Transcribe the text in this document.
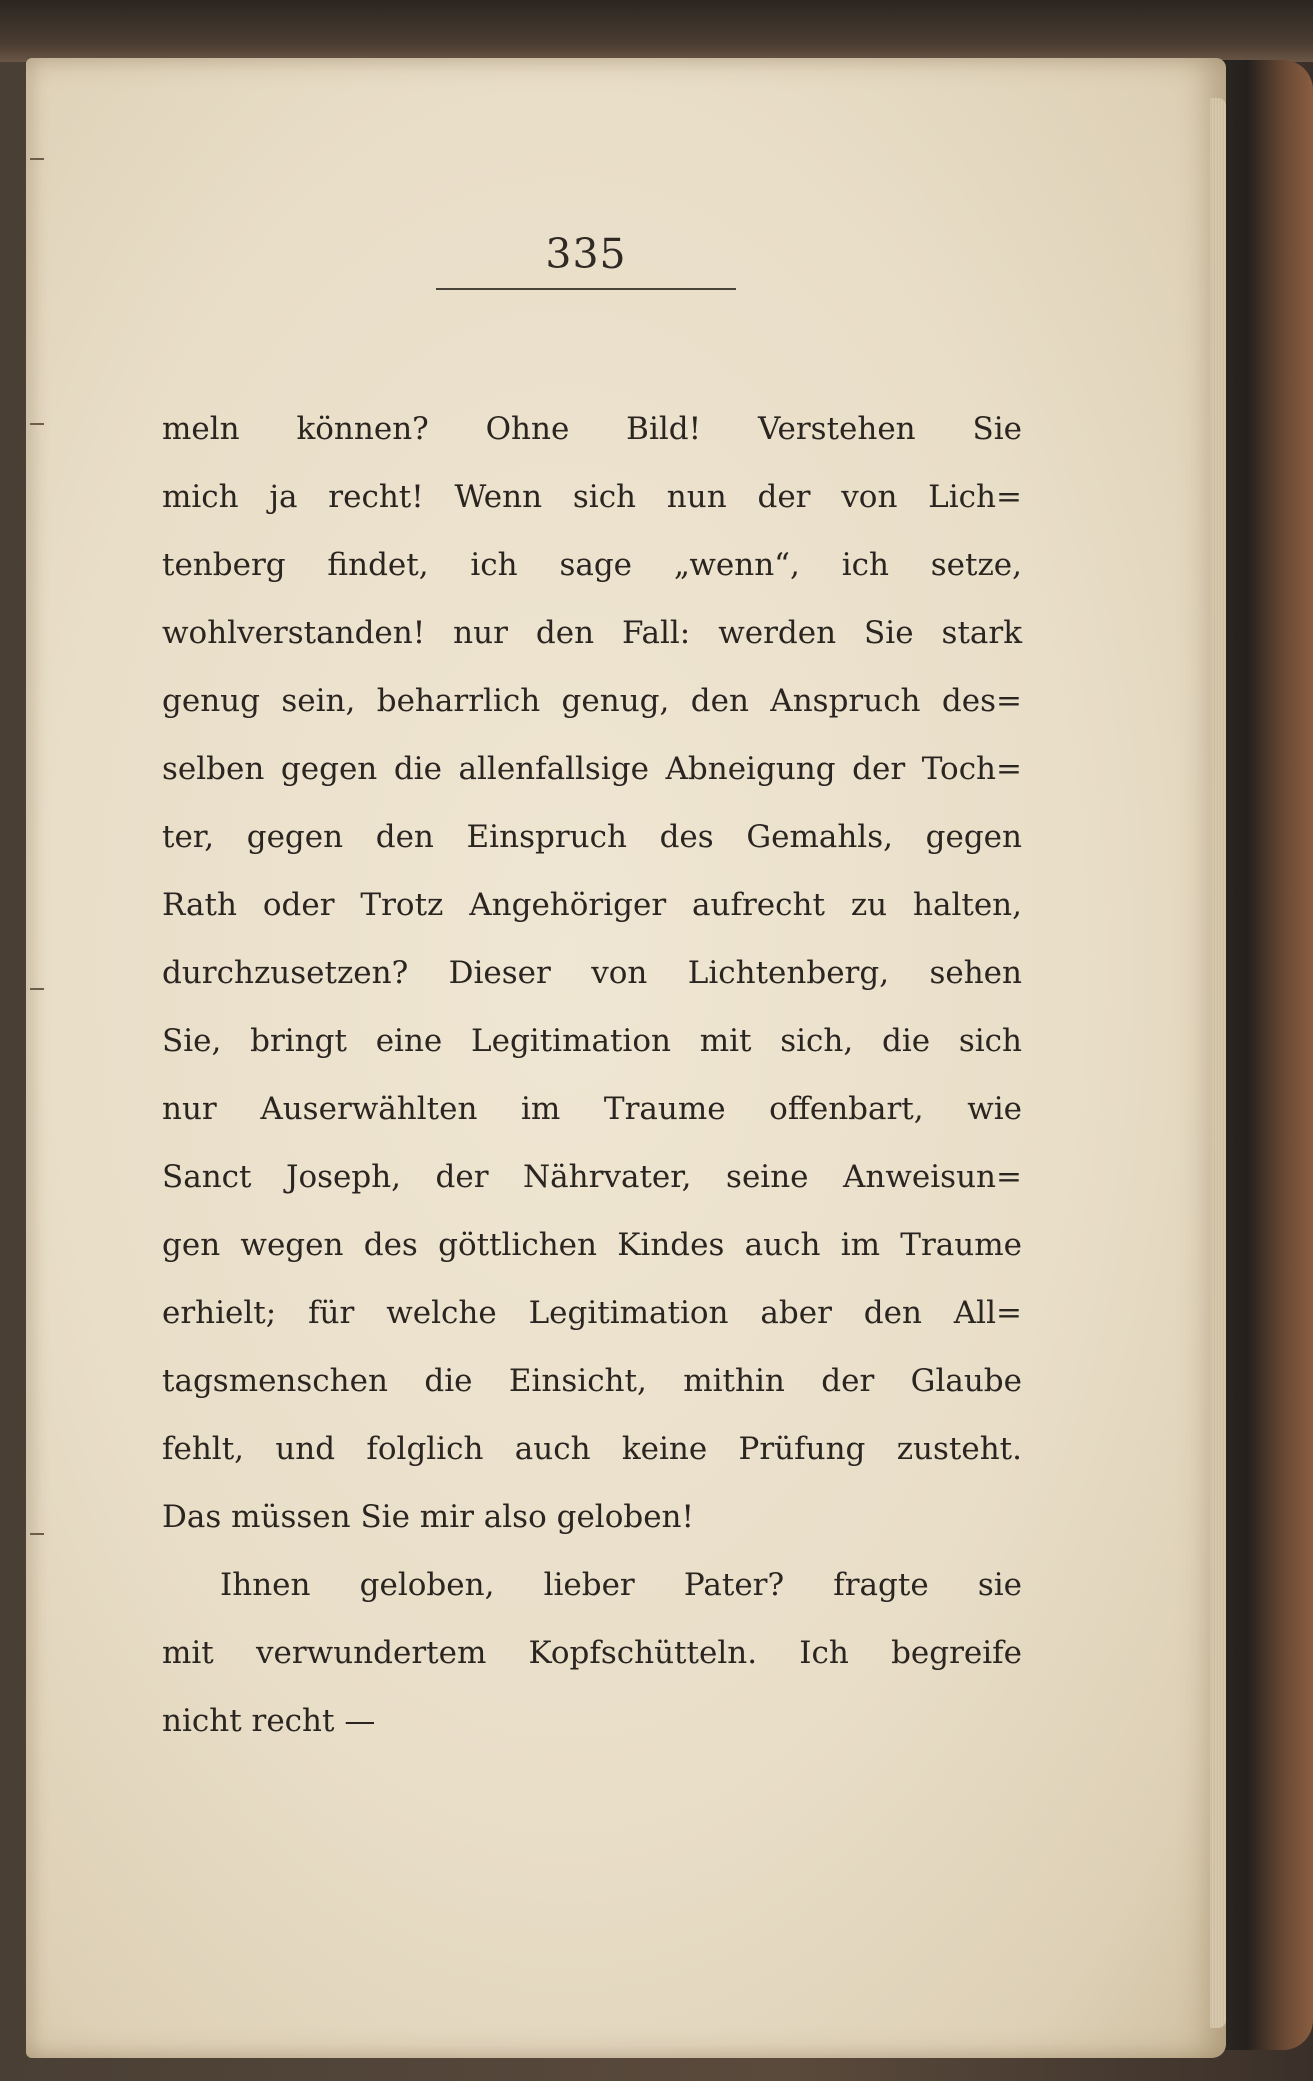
335
meln können? Ohne Bild! Verstehen Sie
mich ja recht! Wenn sich nun der von Lich=
tenberg findet, ich sage „wenn“, ich setze,
wohlverstanden! nur den Fall: werden Sie stark
genug sein, beharrlich genug, den Anspruch des=
selben gegen die allenfallsige Abneigung der Toch=
ter, gegen den Einspruch des Gemahls, gegen
Rath oder Trotz Angehöriger aufrecht zu halten,
durchzusetzen? Dieser von Lichtenberg, sehen
Sie, bringt eine Legitimation mit sich, die sich
nur Auserwählten im Traume offenbart, wie
Sanct Joseph, der Nährvater, seine Anweisun=
gen wegen des göttlichen Kindes auch im Traume
erhielt; für welche Legitimation aber den All=
tagsmenschen die Einsicht, mithin der Glaube
fehlt, und folglich auch keine Prüfung zusteht.
Das müssen Sie mir also geloben!
Ihnen geloben, lieber Pater? fragte sie
mit verwundertem Kopfschütteln. Ich begreife
nicht recht —
